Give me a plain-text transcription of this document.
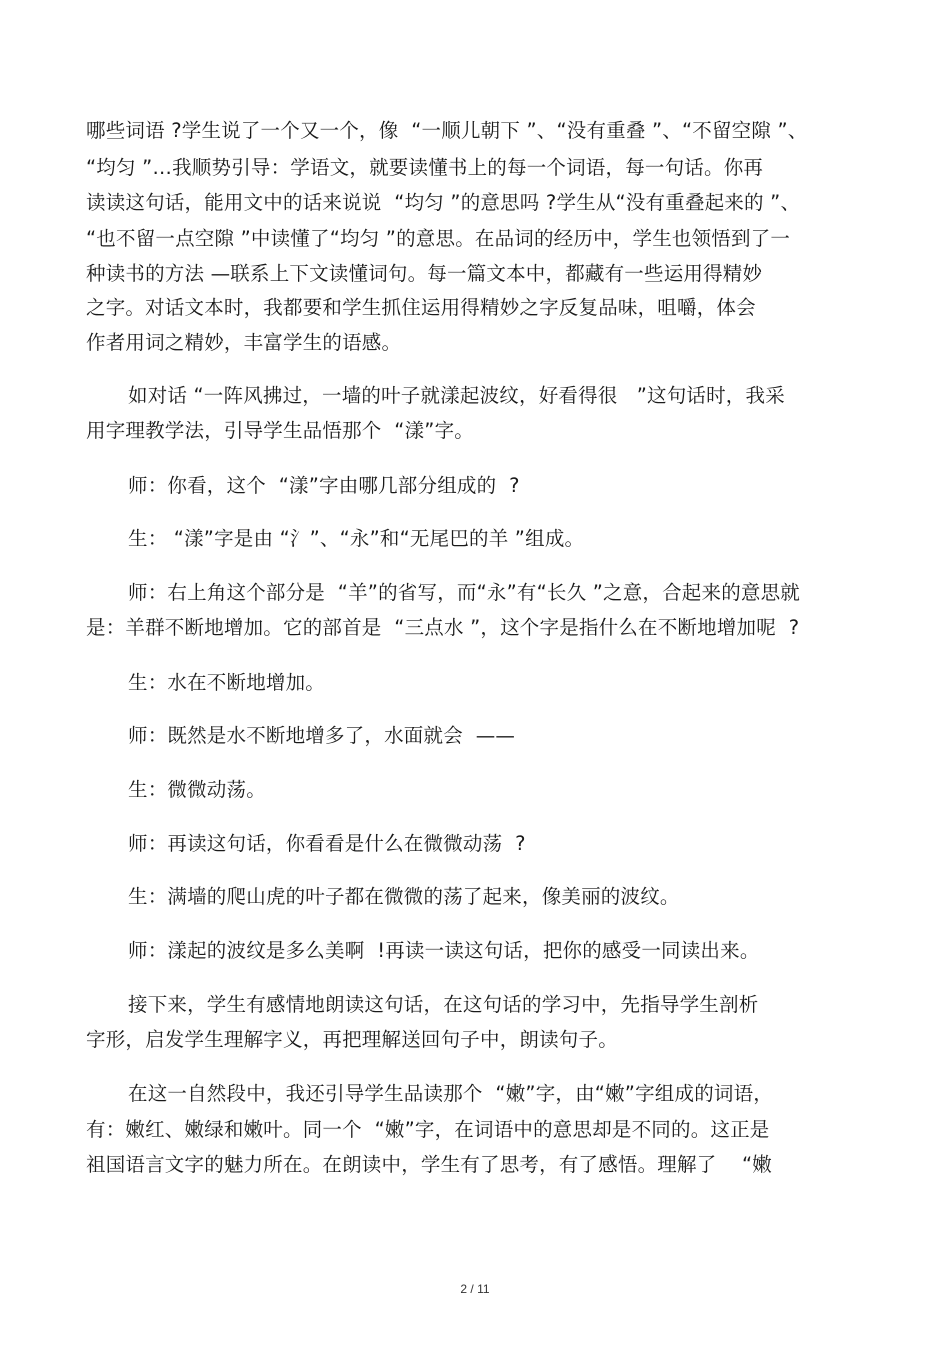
哪些词语 ?学生说了一个又一个，像  “一顺儿朝下 ”、“没有重叠 ”、“不留空隙 ”、
“均匀 ”…我顺势引导：学语文，就要读懂书上的每一个词语，每一句话。你再
读读这句话，能用文中的话来说说  “均匀 ”的意思吗 ?学生从“没有重叠起来的 ”、
“也不留一点空隙 ”中读懂了“均匀 ”的意思。在品词的经历中，学生也领悟到了一
种读书的方法 —联系上下文读懂词句。每一篇文本中，都藏有一些运用得精妙
之字。对话文本时，我都要和学生抓住运用得精妙之字反复品味，咀嚼，体会
作者用词之精妙，丰富学生的语感。
如对话 “一阵风拂过，一墙的叶子就漾起波纹，好看得很   ”这句话时，我采
用字理教学法，引导学生品悟那个  “漾”字。
师：你看，这个  “漾”字由哪几部分组成的  ?
生： “漾”字是由 “氵”、“永”和“无尾巴的羊 ”组成。
师：右上角这个部分是  “羊”的省写，而“永”有“长久 ”之意，合起来的意思就
是：羊群不断地增加。它的部首是  “三点水 ”，这个字是指什么在不断地增加呢  ?
生：水在不断地增加。
师：既然是水不断地增多了，水面就会  ——
生：微微动荡。
师：再读这句话，你看看是什么在微微动荡  ?
生：满墙的爬山虎的叶子都在微微的荡了起来，像美丽的波纹。
师：漾起的波纹是多么美啊  !再读一读这句话，把你的感受一同读出来。
接下来，学生有感情地朗读这句话，在这句话的学习中，先指导学生剖析
字形，启发学生理解字义，再把理解送回句子中，朗读句子。
在这一自然段中，我还引导学生品读那个  “嫩”字，由“嫩”字组成的词语，
有：嫩红、嫩绿和嫩叶。同一个  “嫩”字，在词语中的意思却是不同的。这正是
祖国语言文字的魅力所在。在朗读中，学生有了思考，有了感悟。理解了    “嫩
2 / 11
